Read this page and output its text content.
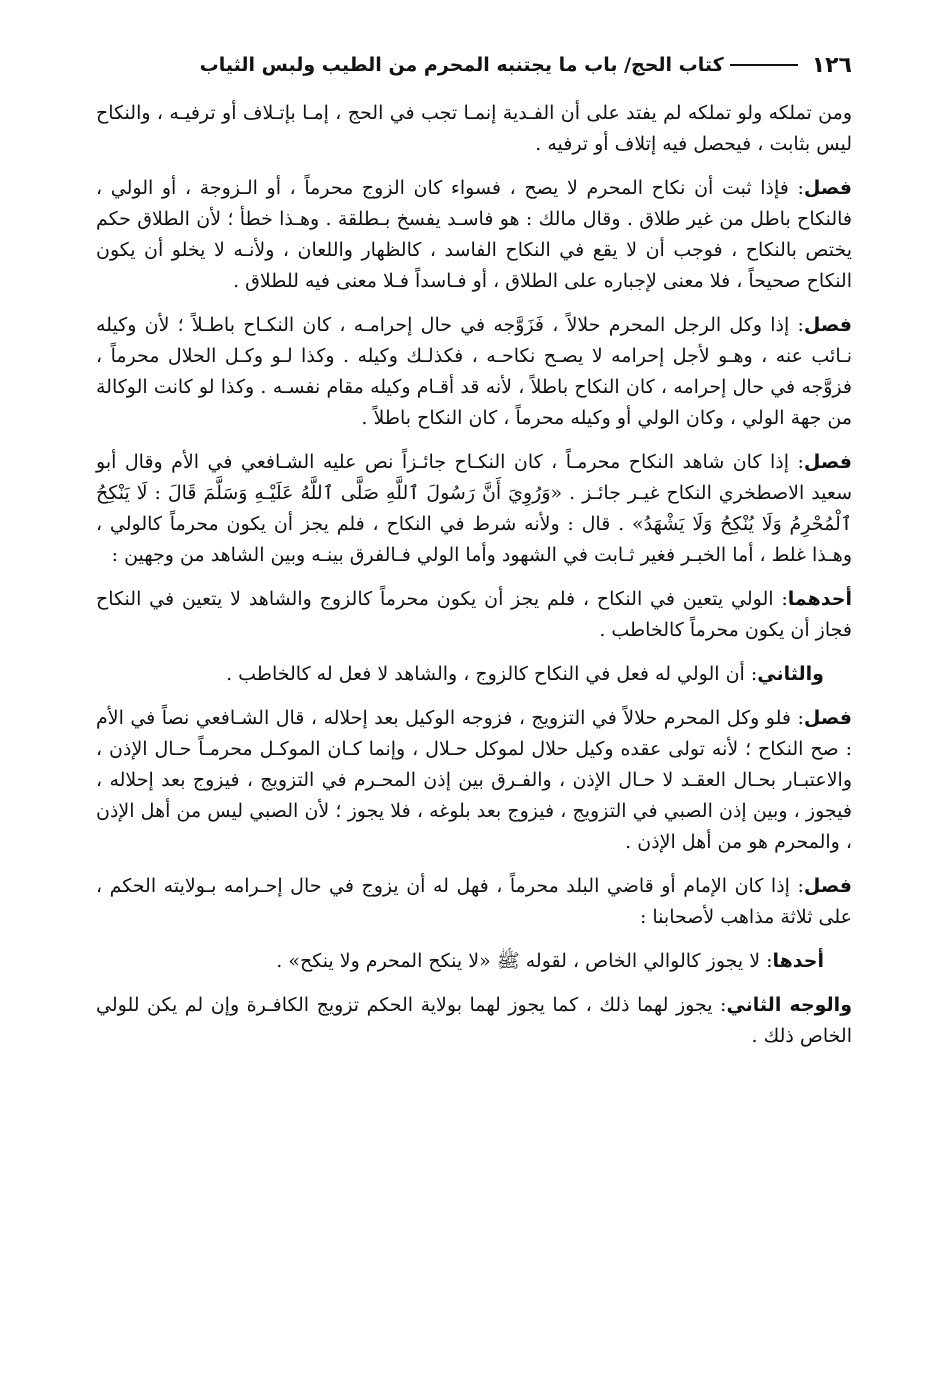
١٢٦
كتاب الحج/ باب ما يجتنبه المحرم من الطيب ولبس الثياب

ومن تملكه ولو تملكه لم يفتد على أن الفـدية إنمـا تجب في الحج ، إمـا بإتـلاف أو ترفيـه ، والنكاح ليس بثابت ، فيحصل فيه إتلاف أو ترفيه .

فصل: فإذا ثبت أن نكاح المحرم لا يصح ، فسواء كان الزوج محرماً ، أو الـزوجة ، أو الولي ، فالنكاح باطل من غير طلاق . وقال مالك : هو فاسـد يفسخ بـطلقة . وهـذا خطأ ؛ لأن الطلاق حكم يختص بالنكاح ، فوجب أن لا يقع في النكاح الفاسد ، كالظهار واللعان ، ولأنـه لا يخلو أن يكون النكاح صحيحاً ، فلا معنى لإجباره على الطلاق ، أو فـاسداً فـلا معنى فيه للطلاق .

فصل: إذا وكل الرجل المحرم حلالاً ، فَزَوَّجه في حال إحرامـه ، كان النكـاح باطـلاً ؛ لأن وكيله نـائب عنه ، وهـو لأجل إحرامه لا يصـح نكاحـه ، فكذلـك وكيله . وكذا لـو وكـل الحلال محرماً ، فزوَّجه في حال إحرامه ، كان النكاح باطلاً ، لأنه قد أقـام وكيله مقام نفسـه . وكذا لو كانت الوكالة من جهة الولي ، وكان الولي أو وكيله محرماً ، كان النكاح باطلاً .

فصل: إذا كان شاهد النكاح محرمـاً ، كان النكـاح جائـزاً نص عليه الشـافعي في الأم وقال أبو سعيد الاصطخري النكاح غيـر جائـز . «وَرُوِيَ أَنَّ رَسُولَ ٱللَّهِ صَلَّى ٱللَّهُ عَلَيْـهِ وَسَلَّمَ قَالَ : لَا يَنْكِحُ ٱلْمُحْرِمُ وَلَا يُنْكِحُ وَلَا يَشْهَدُ» . قال : ولأنه شرط في النكاح ، فلم يجز أن يكون محرماً كالولي ، وهـذا غلط ، أما الخبـر فغير ثـابت في الشهود وأما الولي فـالفرق بينـه وبين الشاهد من وجهين :

أحدهما: الولي يتعين في النكاح ، فلم يجز أن يكون محرماً كالزوج والشاهد لا يتعين في النكاح فجاز أن يكون محرماً كالخاطب .

والثاني: أن الولي له فعل في النكاح كالزوج ، والشاهد لا فعل له كالخاطب .

فصل: فلو وكل المحرم حلالاً في التزويج ، فزوجه الوكيل بعد إحلاله ، قال الشـافعي نصاً في الأم : صح النكاح ؛ لأنه تولى عقده وكيل حلال لموكل حـلال ، وإنما كـان الموكـل محرمـاً حـال الإذن ، والاعتبـار بحـال العقـد لا حـال الإذن ، والفـرق بين إذن المحـرم في التزويج ، فيزوج بعد إحلاله ، فيجوز ، وبين إذن الصبي في التزويج ، فيزوج بعد بلوغه ، فلا يجوز ؛ لأن الصبي ليس من أهل الإذن ، والمحرم هو من أهل الإذن .

فصل: إذا كان الإمام أو قاضي البلد محرماً ، فهل له أن يزوج في حال إحـرامه بـولايته الحكم ، على ثلاثة مذاهب لأصحابنا :

أحدها: لا يجوز كالوالي الخاص ، لقوله ﷺ «لا ينكح المحرم ولا ينكح» .

والوجه الثاني: يجوز لهما ذلك ، كما يجوز لهما بولاية الحكم تزويج الكافـرة وإن لم يكن للولي الخاص ذلك .
